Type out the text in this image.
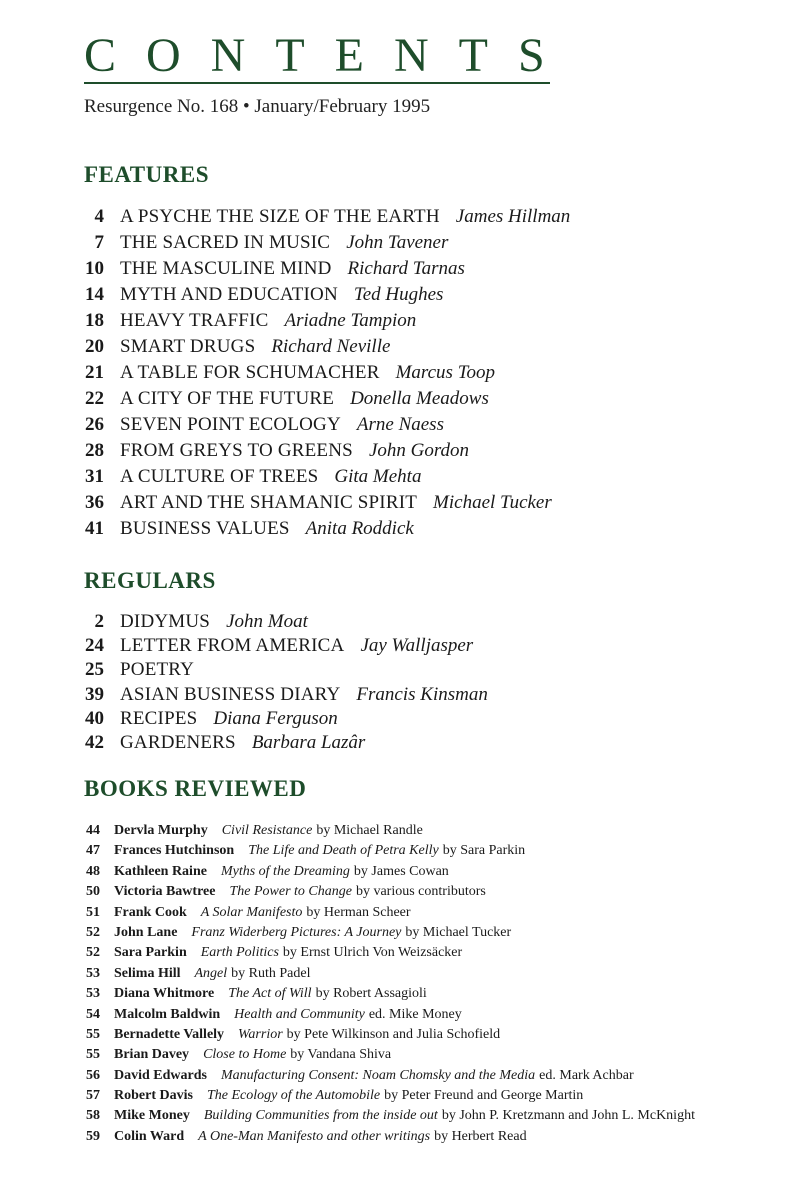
CONTENTS
Resurgence No. 168 • January/February 1995
FEATURES
4 A PSYCHE THE SIZE OF THE EARTH James Hillman
7 THE SACRED IN MUSIC John Tavener
10 THE MASCULINE MIND Richard Tarnas
14 MYTH AND EDUCATION Ted Hughes
18 HEAVY TRAFFIC Ariadne Tampion
20 SMART DRUGS Richard Neville
21 A TABLE FOR SCHUMACHER Marcus Toop
22 A CITY OF THE FUTURE Donella Meadows
26 SEVEN POINT ECOLOGY Arne Naess
28 FROM GREYS TO GREENS John Gordon
31 A CULTURE OF TREES Gita Mehta
36 ART AND THE SHAMANIC SPIRIT Michael Tucker
41 BUSINESS VALUES Anita Roddick
REGULARS
2 DIDYMUS John Moat
24 LETTER FROM AMERICA Jay Walljasper
25 POETRY
39 ASIAN BUSINESS DIARY Francis Kinsman
40 RECIPES Diana Ferguson
42 GARDENERS Barbara Lazâr
BOOKS REVIEWED
44 Dervla Murphy Civil Resistance by Michael Randle
47 Frances Hutchinson The Life and Death of Petra Kelly by Sara Parkin
48 Kathleen Raine Myths of the Dreaming by James Cowan
50 Victoria Bawtree The Power to Change by various contributors
51 Frank Cook A Solar Manifesto by Herman Scheer
52 John Lane Franz Widerberg Pictures: A Journey by Michael Tucker
52 Sara Parkin Earth Politics by Ernst Ulrich Von Weizsäcker
53 Selima Hill Angel by Ruth Padel
53 Diana Whitmore The Act of Will by Robert Assagioli
54 Malcolm Baldwin Health and Community ed. Mike Money
55 Bernadette Vallely Warrior by Pete Wilkinson and Julia Schofield
55 Brian Davey Close to Home by Vandana Shiva
56 David Edwards Manufacturing Consent: Noam Chomsky and the Media ed. Mark Achbar
57 Robert Davis The Ecology of the Automobile by Peter Freund and George Martin
58 Mike Money Building Communities from the inside out by John P. Kretzmann and John L. McKnight
59 Colin Ward A One-Man Manifesto and other writings by Herbert Read
